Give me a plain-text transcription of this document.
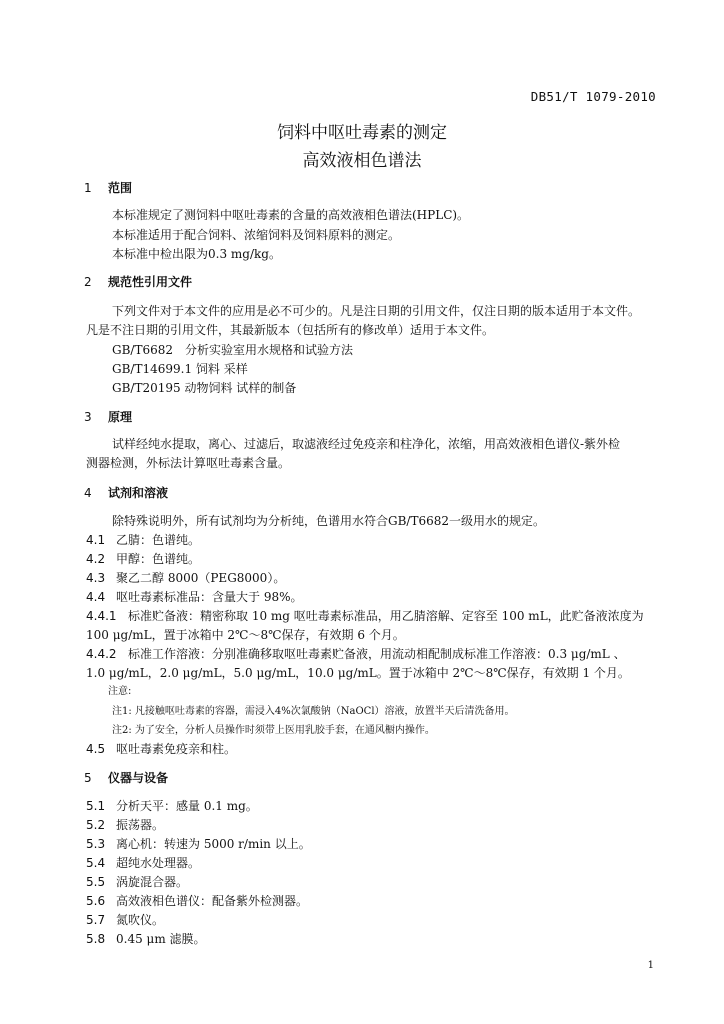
DB51/T 1079-2010
饲料中呕吐毒素的测定
高效液相色谱法
1 范围
本标准规定了测饲料中呕吐毒素的含量的高效液相色谱法(HPLC)。
本标准适用于配合饲料、浓缩饲料及饲料原料的测定。
本标准中检出限为0.3 mg/kg。
2 规范性引用文件
下列文件对于本文件的应用是必不可少的。凡是注日期的引用文件，仅注日期的版本适用于本文件。
凡是不注日期的引用文件，其最新版本（包括所有的修改单）适用于本文件。
GB/T6682　分析实验室用水规格和试验方法
GB/T14699.1 饲料 采样
GB/T20195 动物饲料 试样的制备
3 原理
试样经纯水提取，离心、过滤后，取滤液经过免疫亲和柱净化，浓缩，用高效液相色谱仪-紫外检
测器检测，外标法计算呕吐毒素含量。
4 试剂和溶液
除特殊说明外，所有试剂均为分析纯，色谱用水符合GB/T6682一级用水的规定。
4.1 乙腈：色谱纯。
4.2 甲醇：色谱纯。
4.3 聚乙二醇 8000（PEG8000）。
4.4 呕吐毒素标准品：含量大于 98%。
4.4.1 标准贮备液：精密称取 10 mg 呕吐毒素标准品，用乙腈溶解、定容至 100 mL，此贮备液浓度为
100 μg/mL，置于冰箱中 2℃～8℃保存，有效期 6 个月。
4.4.2 标准工作溶液：分别准确移取呕吐毒素贮备液，用流动相配制成标准工作溶液：0.3 μg/mL 、
1.0 μg/mL，2.0 μg/mL，5.0 μg/mL，10.0 μg/mL。置于冰箱中 2℃～8℃保存，有效期 1 个月。
注意:
注1: 凡接触呕吐毒素的容器，需浸入4%次氯酸钠（NaOCl）溶液，放置半天后清洗备用。
注2: 为了安全，分析人员操作时须带上医用乳胶手套，在通风橱内操作。
4.5 呕吐毒素免疫亲和柱。
5 仪器与设备
5.1 分析天平：感量 0.1 mg。
5.2 振荡器。
5.3 离心机：转速为 5000 r/min 以上。
5.4 超纯水处理器。
5.5 涡旋混合器。
5.6 高效液相色谱仪：配备紫外检测器。
5.7 氮吹仪。
5.8 0.45 μm 滤膜。
1
